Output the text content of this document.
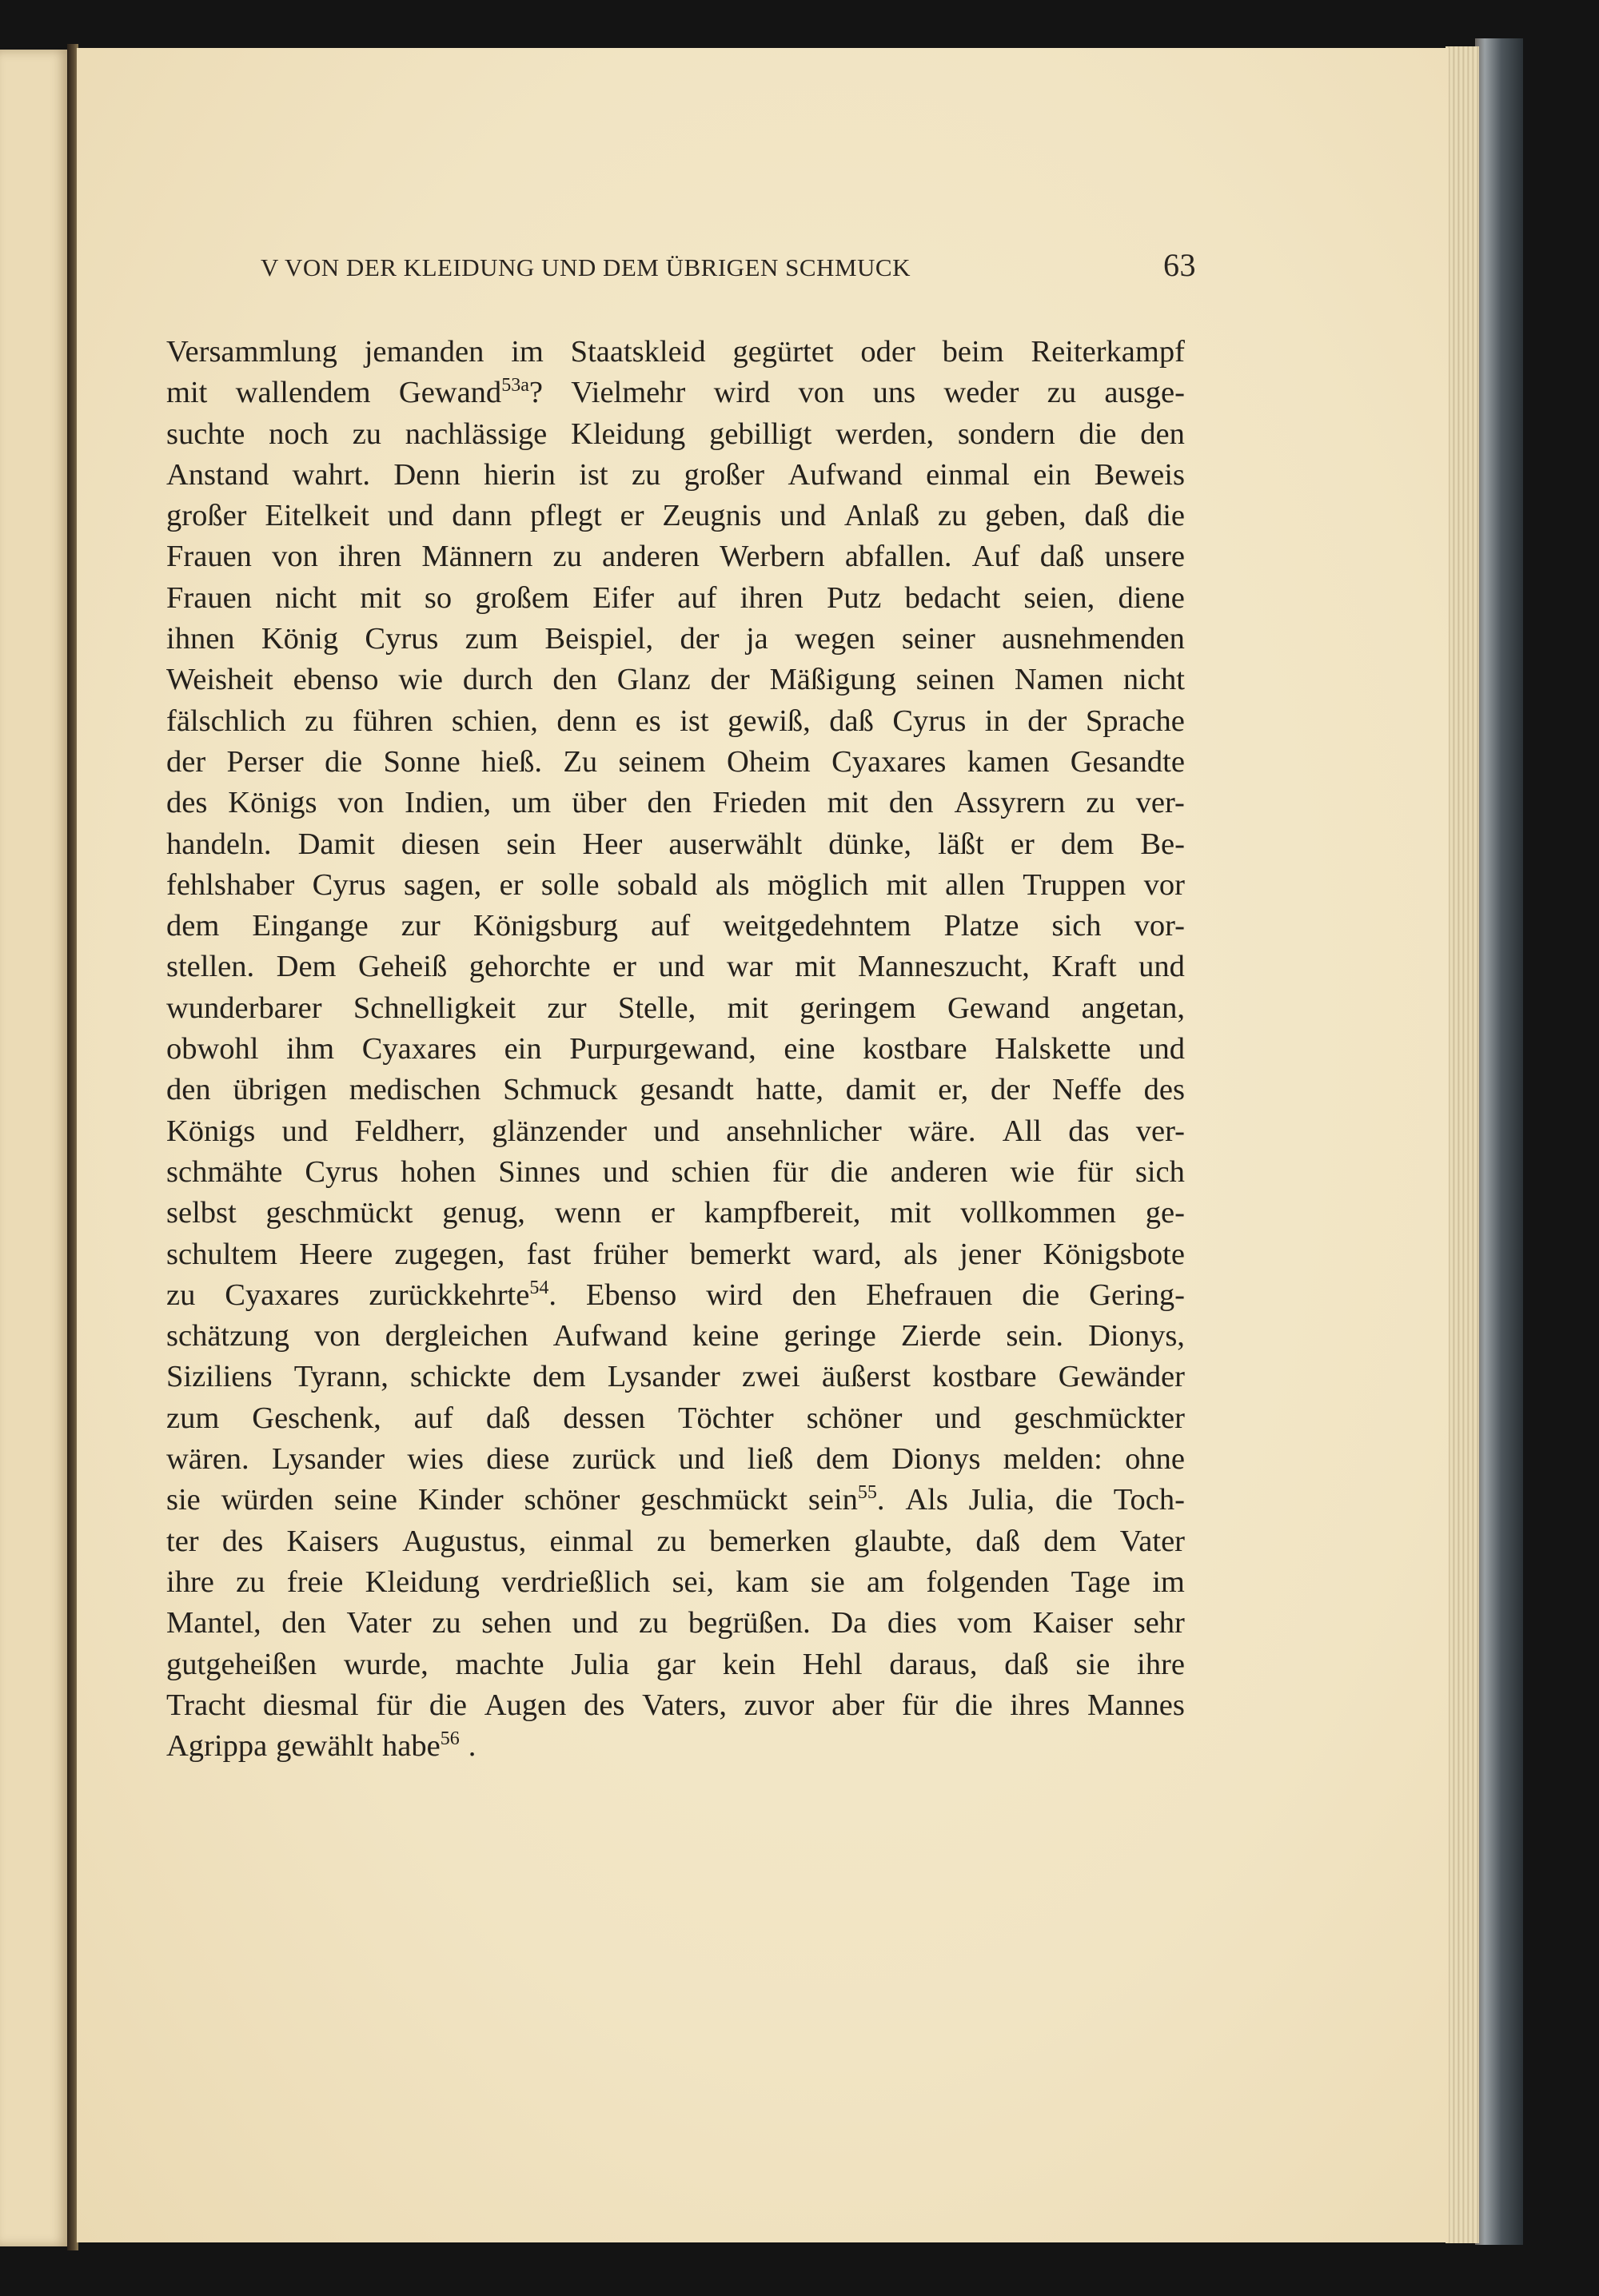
V VON DER KLEIDUNG UND DEM ÜBRIGEN SCHMUCK	63
Versammlung jemanden im Staatskleid gegürtet oder beim Reiterkampf
mit wallendem Gewand$^{53a}$? Vielmehr wird von uns weder zu ausge-
suchte noch zu nachlässige Kleidung gebilligt werden, sondern die den
Anstand wahrt. Denn hierin ist zu großer Aufwand einmal ein Beweis
großer Eitelkeit und dann pflegt er Zeugnis und Anlaß zu geben, daß die
Frauen von ihren Männern zu anderen Werbern abfallen. Auf daß unsere
Frauen nicht mit so großem Eifer auf ihren Putz bedacht seien, diene
ihnen König Cyrus zum Beispiel, der ja wegen seiner ausnehmenden
Weisheit ebenso wie durch den Glanz der Mäßigung seinen Namen nicht
fälschlich zu führen schien, denn es ist gewiß, daß Cyrus in der Sprache
der Perser die Sonne hieß. Zu seinem Oheim Cyaxares kamen Gesandte
des Königs von Indien, um über den Frieden mit den Assyrern zu ver-
handeln. Damit diesen sein Heer auserwählt dünke, läßt er dem Be-
fehlshaber Cyrus sagen, er solle sobald als möglich mit allen Truppen vor
dem Eingange zur Königsburg auf weitgedehntem Platze sich vor-
stellen. Dem Geheiß gehorchte er und war mit Manneszucht, Kraft und
wunderbarer Schnelligkeit zur Stelle, mit geringem Gewand angetan,
obwohl ihm Cyaxares ein Purpurgewand, eine kostbare Halskette und
den übrigen medischen Schmuck gesandt hatte, damit er, der Neffe des
Königs und Feldherr, glänzender und ansehnlicher wäre. All das ver-
schmähte Cyrus hohen Sinnes und schien für die anderen wie für sich
selbst geschmückt genug, wenn er kampfbereit, mit vollkommen ge-
schultem Heere zugegen, fast früher bemerkt ward, als jener Königsbote
zu Cyaxares zurückkehrte$^{54}$. Ebenso wird den Ehefrauen die Gering-
schätzung von dergleichen Aufwand keine geringe Zierde sein. Dionys,
Siziliens Tyrann, schickte dem Lysander zwei äußerst kostbare Gewänder
zum Geschenk, auf daß dessen Töchter schöner und geschmückter
wären. Lysander wies diese zurück und ließ dem Dionys melden: ohne
sie würden seine Kinder schöner geschmückt sein$^{55}$. Als Julia, die Toch-
ter des Kaisers Augustus, einmal zu bemerken glaubte, daß dem Vater
ihre zu freie Kleidung verdrießlich sei, kam sie am folgenden Tage im
Mantel, den Vater zu sehen und zu begrüßen. Da dies vom Kaiser sehr
gutgeheißen wurde, machte Julia gar kein Hehl daraus, daß sie ihre
Tracht diesmal für die Augen des Vaters, zuvor aber für die ihres Mannes
Agrippa gewählt habe$^{56}$ .
